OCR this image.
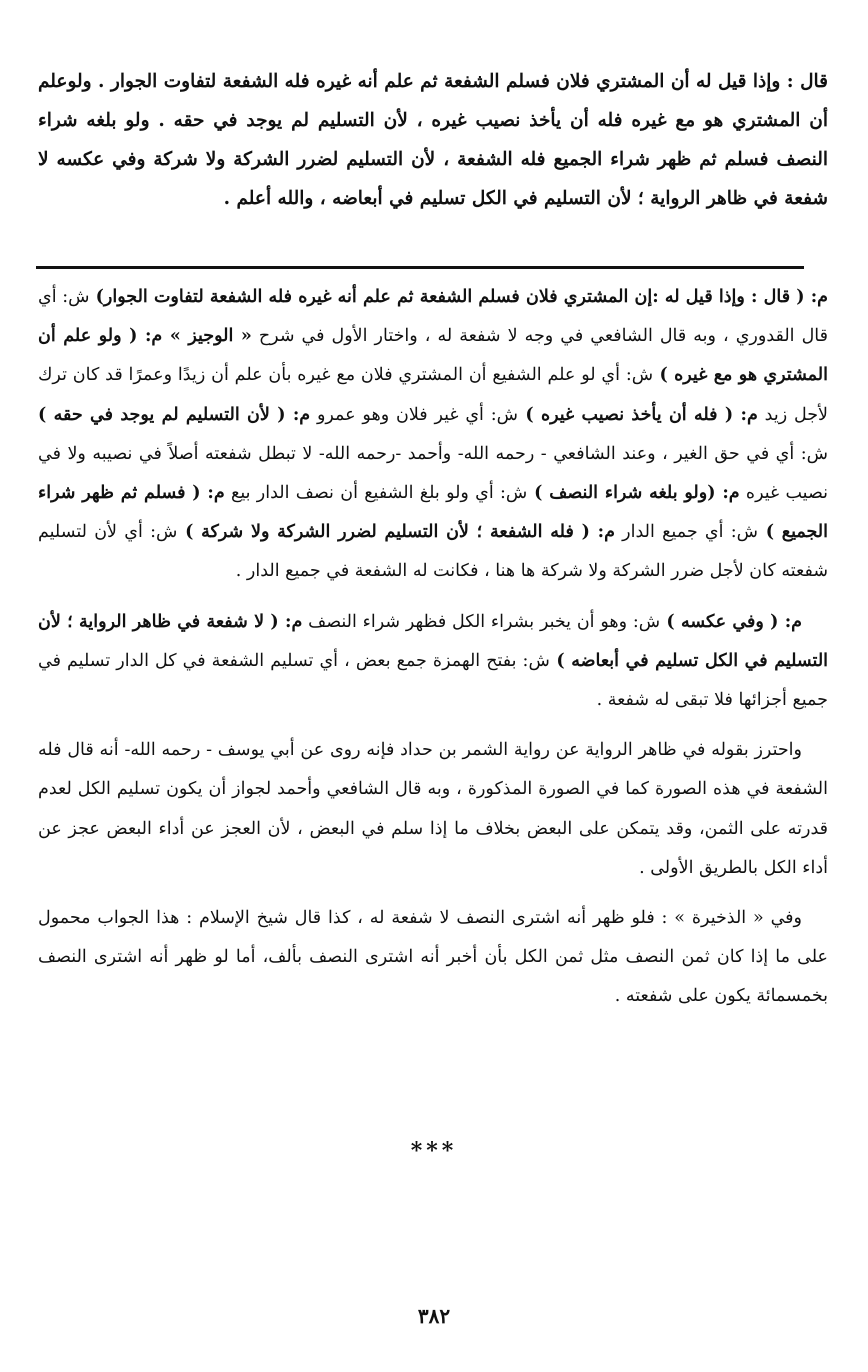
قال : وإذا قيل له أن المشتري فلان فسلم الشفعة ثم علم أنه غيره فله الشفعة لتفاوت الجوار . ولوعلم أن المشتري هو مع غيره فله أن يأخذ نصيب غيره ، لأن التسليم لم يوجد في حقه . ولو بلغه شراء النصف فسلم ثم ظهر شراء الجميع فله الشفعة ، لأن التسليم لضرر الشركة ولا شركة وفي عكسه لا شفعة في ظاهر الرواية ؛ لأن التسليم في الكل تسليم في أبعاضه ، والله أعلم .

م: ( قال : وإذا قيل له :إن المشتري فلان فسلم الشفعة ثم علم أنه غيره فله الشفعة لتفاوت الجوار) ش: أي قال القدوري ، وبه قال الشافعي في وجه لا شفعة له ، واختار الأول في شرح « الوجيز » م: ( ولو علم أن المشتري هو مع غيره ) ش: أي لو علم الشفيع أن المشتري فلان مع غيره بأن علم أن زيدًا وعمرًا قد كان ترك لأجل زيد م: ( فله أن يأخذ نصيب غيره ) ش: أي غير فلان وهو عمرو م: ( لأن التسليم لم يوجد في حقه ) ش: أي في حق الغير ، وعند الشافعي - رحمه الله- وأحمد -رحمه الله- لا تبطل شفعته أصلاً في نصيبه ولا في نصيب غيره م: (ولو بلغه شراء النصف ) ش: أي ولو بلغ الشفيع أن نصف الدار بيع م: ( فسلم ثم ظهر شراء الجميع ) ش: أي جميع الدار م: ( فله الشفعة ؛ لأن التسليم لضرر الشركة ولا شركة ) ش: أي لأن لتسليم شفعته كان لأجل ضرر الشركة ولا شركة ها هنا ، فكانت له الشفعة في جميع الدار .

م: ( وفي عكسه ) ش: وهو أن يخبر بشراء الكل فظهر شراء النصف م: ( لا شفعة في ظاهر الرواية ؛ لأن التسليم في الكل تسليم في أبعاضه ) ش: بفتح الهمزة جمع بعض ، أي تسليم الشفعة في كل الدار تسليم في جميع أجزائها فلا تبقى له شفعة .

واحترز بقوله في ظاهر الرواية عن رواية الشمر بن حداد فإنه روى عن أبي يوسف - رحمه الله- أنه قال فله الشفعة في هذه الصورة كما في الصورة المذكورة ، وبه قال الشافعي وأحمد لجواز أن يكون تسليم الكل لعدم قدرته على الثمن، وقد يتمكن على البعض بخلاف ما إذا سلم في البعض ، لأن العجز عن أداء البعض عجز عن أداء الكل بالطريق الأولى .

وفي « الذخيرة » : فلو ظهر أنه اشترى النصف لا شفعة له ، كذا قال شيخ الإسلام : هذا الجواب محمول على ما إذا كان ثمن النصف مثل ثمن الكل بأن أخبر أنه اشترى النصف بألف، أما لو ظهر أنه اشترى النصف بخمسمائة يكون على شفعته .

***
٣٨٢
